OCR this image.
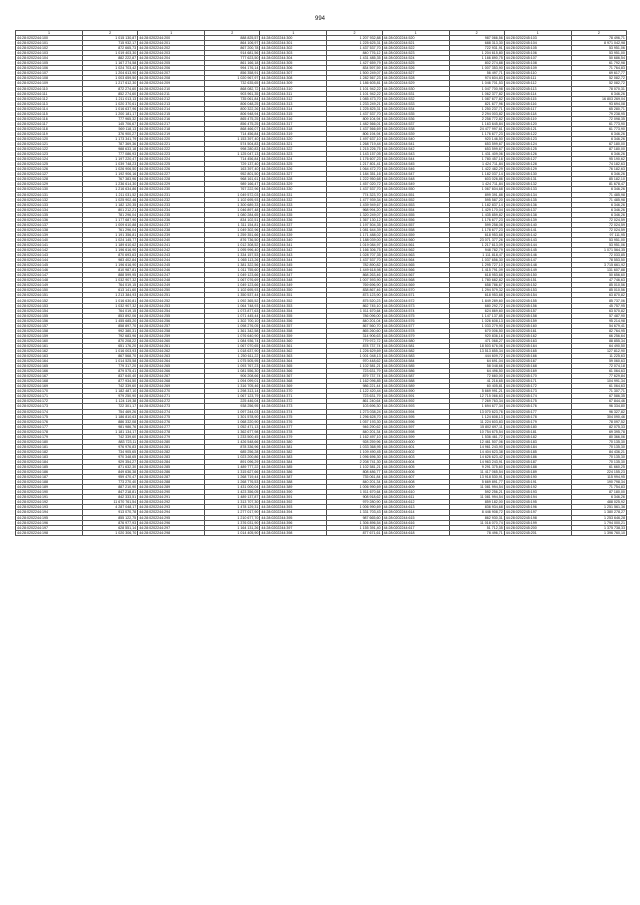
994
1	2	1	2	1	2	1	2	1	2
44:28:0202244:100	1 015 130,87	44:28:0202244:200	888 825,57	44:28:0202244:300	1 207 932,88	44:28:0202244:520	987 066,56	44:28:0202245:103	78 496,71
44:28:0202244:101	715 932,17	44:28:0202244:201	864 106,97	44:28:0202244:301	1 225 625,31	44:28:0202244:521	688 313,30	44:28:0202245:104	8 971 042,98
44:28:0202244:102	872 665,73	44:28:0202244:202	867 200,78	44:28:0202244:302	1 437 537,70	44:28:0202244:522	722 931,91	44:28:0202245:105	53 951,06
44:28:0202244:103	1 019 403,30	44:28:0202244:203	914 681,56	44:28:0202244:303	840 776,12	44:28:0202244:523	1 204 615,80	44:28:0202245:106	53 951,00
44:28:0202244:104	882 222,87	44:28:0202244:204	777 623,50	44:28:0202244:304	1 431 485,35	44:28:0202244:524	1 166 890,75	44:28:0202245:107	50 686,54
44:28:0202244:105	1 167 274,58	44:28:0202244:205	861 166,18	44:28:0202244:305	1 427 659,79	44:28:0202244:525	802 274,88	44:28:0202245:108	61 792,98
44:28:0202244:106	1 024 703,42	44:28:0202244:206	994 176,14	44:28:0202244:306	834 597,59	44:28:0202244:526	1 007 353,90	44:28:0202245:109	71 764,83
44:28:0202244:107	1 204 613,90	44:28:0202244:207	856 358,91	44:28:0202244:307	1 500 249,07	44:28:0202244:527	56 497,71	44:28:0202245:110	69 617,77
44:28:0202244:108	1 003 659,50	44:28:0202244:208	1 020 967,97	44:28:0202244:308	1 282 567,23	44:28:0202244:528	974 604,83	44:28:0202245:111	52 082,72
44:28:0202244:109	1 217 612,30	44:28:0202244:209	732 635,65	44:28:0202244:309	1 186 605,81	44:28:0202244:529	1 046 701,53	44:28:0202245:112	52 082,72
44:28:0202244:110	872 274,60	44:28:0202244:210	868 082,72	44:28:0202244:310	1 101 942,22	44:28:0202244:530	1 047 700,98	44:28:0202245:113	78 070,31
44:28:0202244:111	852 274,60	44:28:0202244:211	903 961,35	44:28:0202244:311	1 101 942,22	44:28:0202244:531	1 062 377,82	44:28:0202245:114	6 346,26
44:28:0202244:112	1 211 013,13	44:28:0202244:212	735 061,84	44:28:0202244:312	1 085 473,70	44:28:0202244:532	1 087 677,82	44:28:0202245:115	16 803 269,04
44:28:0202244:113	1 020 370,61	44:28:0202244:213	806 048,25	44:28:0202244:313	1 233 249,21	44:28:0202244:533	821 677,96	44:28:0202245:116	93 694,08
44:28:0202244:114	1 016 637,96	44:28:0202244:214	800 322,26	44:28:0202244:314	1 225 825,31	44:28:0202244:534	1 250 237,71	44:28:0202245:117	65 280,71
44:28:0202244:115	1 200 181,17	44:28:0202244:215	806 948,94	44:28:0202244:315	1 437 537,70	44:28:0202244:535	2 294 003,82	44:28:0202245:118	79 238,95
44:28:0202244:116	777 965,32	44:28:0202244:216	865 475,25	44:28:0202244:316	809 104,94	44:28:0202244:536	2 258 772,82	44:28:0202245:119	72 098,35
44:28:0202244:117	145 706,67	44:28:0202244:217	856 475,25	44:28:0202244:317	1 482 566,01	44:28:0202244:537	1 163 645,84	44:28:0202245:120	61 773,90
44:28:0202244:118	569 118,13	44:28:0202244:218	868 466,07	44:28:0202244:318	1 437 566,69	44:28:0202244:538	24 477 997,61	44:28:0202245:121	61 773,90
44:28:0202244:119	376 900,27	44:28:0202244:219	714 456,84	44:28:0202244:319	806 194,94	44:28:0202244:539	1 176 677,23	44:28:0202245:122	6 346,26
44:28:0202244:120	1 173 341,79	44:28:0202244:220	1 153 397,40	44:28:0202244:320	1 497 637,10	44:28:0202244:540	920 146,50	44:28:0202245:123	6 346,26
44:28:0202244:121	787 369,36	44:28:0202244:221	574 504,83	44:28:0202244:321	1 268 719,44	44:28:0202244:541	653 599,67	44:28:0202245:124	67 180,00
44:28:0202244:122	988 633,18	44:28:0202244:222	998 280,83	44:28:0202244:322	1 215 226,75	44:28:0202244:542	653 599,67	44:28:0202245:125	87 180,00
44:28:0202244:123	777 086,93	44:28:0202244:223	1 125 047,13	44:28:0202244:323	1 143 157,05	44:28:0202244:543	1 431 409,06	44:28:0202245:126	6 346,26
44:28:0202244:124	1 197 220,47	44:28:0202244:224	714 456,84	44:28:0202244:324	1 176 607,23	44:28:0202244:544	1 780 457,16	44:28:0202245:127	95 190,62
44:28:0202244:125	1 039 748,23	44:28:0202244:225	729 137,40	44:28:0202244:325	1 217 801,41	44:28:0202244:545	1 424 711,84	44:28:0202245:128	74 182,63
44:28:0202244:126	1 026 906,50	44:28:0202244:226	163 397,40	44:28:0202244:326	1 064 472,70	44:28:0202244:546	1 422 482,29	44:28:0202245:129	76 182,63
44:28:0202244:127	1 192 906,16	44:28:0202244:227	952 801,50	44:28:0202244:327	1 184 351,16	44:28:0202244:547	1 182 037,14	44:28:0202245:130	6 346,26
44:28:0202244:128	767 383,96	44:28:0202244:228	968 161,61	44:28:0202244:328	1 222 950,68	44:28:0202244:548	603 026,86	44:28:0202245:131	85 182,10
44:28:0202244:129	1 236 614,30	44:28:0202244:229	989 166,47	44:28:0202244:329	1 457 020,72	44:28:0202244:549	1 424 711,84	44:28:0202245:132	81 678,47
44:28:0202244:130	1 216 634,86	44:28:0202244:230	767 222,96	44:28:0202244:330	1 437 537,70	44:28:0202244:550	1 067 604,68	44:28:0202245:133	6 346,26
44:28:0202244:131	1 211 031,52	44:28:0202244:231	1 049 572,03	44:28:0202244:331	774 323,70	44:28:0202244:551	899 391,88	44:28:0202245:134	71 485,98
44:28:0202244:132	1 025 902,46	44:28:0202244:232	1 102 695,93	44:28:0202244:332	1 477 939,34	44:28:0202244:552	595 587,20	44:28:0202245:135	71 485,98
44:28:0202244:133	1 182 120,35	44:28:0202244:233	1 300 689,33	44:28:0202244:333	1 439 949,67	44:28:0202244:553	1 182 837,14	44:28:0202245:136	6 346,26
44:28:0202244:134	801 212,21	44:28:0202244:234	1 046 897,48	44:28:0202244:334	968 994,20	44:28:0202244:554	1 429 170,04	44:28:0202245:137	6 346,26
44:28:0202244:135	781 296,04	44:28:0202244:235	1 080 284,65	44:28:0202244:335	1 320 249,07	44:28:0202244:555	1 435 859,82	44:28:0202245:138	6 346,26
44:28:0202244:136	1 177 687,90	44:28:0202244:236	834 102,51	44:28:0202244:336	1 367 130,12	44:28:0202244:556	1 176 677,23	44:28:0202245:139	72 024,59
44:28:0202244:137	1 009 610,88	44:28:0202244:237	1 311 154,81	44:28:0202244:337	1 197 504,35	44:28:0202244:557	599 258,08	44:28:0202245:140	72 024,59
44:28:0202244:138	761 296,04	44:28:0202244:238	1 049 302,96	44:28:0202244:338	1 081 644,39	44:28:0202244:558	1 178 677,23	44:28:0202245:141	72 024,59
44:28:0202244:139	1 191 356,81	44:28:0202244:239	1 259 351,66	44:28:0202244:339	1 171 488,02	44:28:0202244:559	618 953,68	44:28:0202245:142	97 111,95
44:28:0202244:140	1 024 145,77	44:28:0202244:240	876 736,50	44:28:0202244:340	1 188 039,00	44:28:0202244:560	23 071 377,26	44:28:0202245:143	53 951,00
44:28:0202244:141	1 189 610,62	44:28:0202244:241	1 012 308,52	44:28:0202244:341	1 019 084,97	44:28:0202244:561	1 217 613,09	44:28:0202245:144	53 951,06
44:28:0202244:142	1 196 616,90	44:28:0202244:242	1 095 996,40	44:28:0202244:342	1 166 306,75	44:28:0202244:562	948 782,79	44:28:0202245:145	1 071 564,35
44:28:0202244:143	870 693,63	44:28:0202244:243	1 334 157,53	44:28:0202244:343	1 028 707,35	44:28:0202244:563	1 111 818,47	44:28:0202245:146	72 033,85
44:28:0202244:144	983 402,84	44:28:0202244:244	1 065 113,26	44:28:0202244:344	1 437 537,70	44:28:0202244:564	1 037 656,30	44:28:0202245:147	78 553,50
44:28:0202244:145	1 196 616,90	44:28:0202244:245	1 381 322,56	44:28:0202244:345	782 890,82	44:28:0202244:565	1 295 727,10	44:28:0202245:148	3 715 661,92
44:28:0202244:146	810 987,81	44:28:0202244:246	1 011 755,60	44:28:0202244:346	1 449 618,98	44:28:0202244:566	1 415 791,09	44:28:0202245:149	131 607,88
44:28:0202244:147	888 599,95	44:28:0202244:247	1 049 123,66	44:28:0202244:347	868 263,46	44:28:0202244:567	618 953,68	44:28:0202245:150	50 656,60
44:28:0202244:148	1 032 907,32	44:28:0202244:248	1 067 076,69	44:28:0202244:348	1 007 593,90	44:28:0202244:568	1 780 682,82	44:28:0202245:151	47 746,63
44:28:0202244:149	764 019,15	44:28:0202244:249	1 049 123,66	44:28:0202244:349	769 696,90	44:28:0202244:569	658 786,67	44:28:0202245:152	85 010,56
44:28:0202244:150	613 141,60	44:28:0202244:250	1 102 695,93	44:28:0202244:350	838 867,46	44:28:0202244:570	1 294 579,32	44:28:0202245:153	85 010,56
44:28:0202244:151	1 213 384,93	44:28:0202244:251	1 350 537,44	44:28:0202244:351	873 123,90	44:28:0202244:571	618 953,68	44:28:0202245:154	63 870,82
44:28:0202244:152	1 016 630,81	44:28:0202244:252	1 092 365,52	44:28:0202244:352	875 520,23	44:28:0202244:572	1 849 289,60	44:28:0202245:155	85 737,06
44:28:0202244:153	1 032 907,32	44:28:0202244:253	1 064 748,93	44:28:0202244:353	862 745,10	44:28:0202244:573	680 292,72	44:28:0202245:156	45 757,95
44:28:0202244:154	764 019,15	44:28:0202244:254	1 073 877,63	44:28:0202244:354	1 011 670,64	44:28:0202244:574	624 869,60	44:28:0202245:157	63 570,82
44:28:0202244:155	853 892,06	44:28:0202244:255	1 071 445,44	44:28:0202244:355	786 096,00	44:28:0202244:575	1 147 137,85	44:28:0202245:158	57 487,90
44:28:0202244:156	1 455 685,20	44:28:0202244:256	1 302 700,10	44:28:0202244:356	840 201,04	44:28:0202244:576	1 026 608,13	44:28:0202245:159	95 214,98
44:28:0202244:157	858 897,70	44:28:0202244:257	1 098 276,05	44:28:0202244:357	867 560,70	44:28:0202244:577	1 033 279,90	44:28:0202245:160	54 679,41
44:28:0202244:158	992 380,31	44:28:0202244:258	1 361 342,58	44:28:0202244:358	865 260,60	44:28:0202244:578	670 006,50	44:28:0202245:161	82 764,95
44:28:0202244:159	792 683,96	44:28:0202244:259	1 076 640,90	44:28:0202244:359	314 906,63	44:28:0202244:579	920 836,16	44:28:0202245:162	66 256,64
44:28:0202244:160	870 208,22	44:28:0202244:260	1 084 936,74	44:28:0202244:360	779 972,72	44:28:0202244:580	471 068,27	44:28:0202245:163	88 855,34
44:28:0202244:161	651 176,20	44:28:0202244:261	1 067 070,65	44:28:0202244:361	878 737,74	44:28:0202244:581	18 503 676,06	44:28:0202245:164	64 490,50
44:28:0202244:162	1 016 003,93	44:28:0202244:262	1 018 637,90	44:28:0202244:362	1 226 629,69	44:28:0202244:582	13 513 855,34	44:28:0202245:165	127 812,90
44:28:0202244:163	867 568,70	44:28:0202244:263	1 250 611,22	44:28:0202244:363	1 001 048,13	44:28:0202244:583	444 609,72	44:28:0202245:166	11 225,63
44:28:0202244:164	1 014 525,58	44:28:0202244:264	1 075 505,95	44:28:0202244:364	970 448,62	44:28:0202244:584	64 691,04	44:28:0202245:167	59 060,63
44:28:0202244:165	779 317,20	44:28:0202244:265	1 093 767,23	44:28:0202244:365	1 102 581,21	44:28:0202244:585	58 048,66	44:28:0202245:168	72 074,18
44:28:0202244:166	879 575,41	44:28:0202244:266	1 081 556,30	44:28:0202244:366	723 631,79	44:28:0202244:586	64 496,50	44:28:0202245:169	61 064,63
44:28:0202244:167	837 640,40	44:28:0202244:267	906 208,66	44:28:0202244:367	879 737,74	44:28:0202244:587	72 660,00	44:28:0202245:170	77 629,84
44:28:0202244:168	877 934,50	44:28:0202244:268	1 094 099,01	44:28:0202244:368	1 162 096,85	44:28:0202244:588	41 216,65	44:28:0202245:171	104 991,34
44:28:0202244:169	742 339,60	44:28:0202244:269	1 316 705,46	44:28:0202244:369	986 221,44	44:28:0202244:589	60 405,81	44:28:0202245:172	61 064,63
44:28:0202244:170	1 182 487,10	44:28:0202244:270	1 298 313,14	44:28:0202244:370	1 122 420,44	44:28:0202244:590	5 669 991,21	44:28:0202245:173	71 307,71
44:28:0202244:171	979 250,90	44:28:0202244:271	1 067 123,79	44:28:0202244:371	723 631,79	44:28:0202244:591	12 715 066,63	44:28:0202245:174	67 586,35
44:28:0202244:172	1 124 119,38	44:28:0202244:272	225 446,04	44:28:0202244:372	861 240,64	44:28:0202244:592	7 269 763,34	44:28:0202245:175	67 844,46
44:28:0202244:173	722 301,17	44:28:0202244:273	938 256,95	44:28:0202244:373	103 696,30	44:28:0202244:593	1 694 677,34	44:28:0202245:176	96 334,80
44:28:0202244:174	754 469,26	44:28:0202244:274	1 097 244,03	44:28:0202244:374	1 273 038,24	44:28:0202244:594	13 070 623,76	44:28:0202245:177	96 327,82
44:28:0202244:175	1 186 810,63	44:28:0202244:275	1 301 578,90	44:28:0202244:375	1 296 628,70	44:28:0202244:595	1 124 608,13	44:28:0202245:178	304 090,46
44:28:0202244:176	886 332,08	44:28:0202244:276	1 068 220,90	44:28:0202244:376	1 057 193,30	44:28:0202244:596	11 224 603,83	44:28:0202245:179	78 097,52
44:28:0202244:177	981 986,76	44:28:0202244:277	1 052 471,13	44:28:0202244:377	946 290,62	44:28:0202244:597	15 802 697,11	44:28:0202245:180	82 075,33
44:28:0202244:178	1 181 134,17	44:28:0202244:278	1 362 677,98	44:28:0202244:378	840 201,34	44:28:0202244:598	10 754 675,54	44:28:0202245:181	69 395,78
44:28:0202244:179	742 339,60	44:28:0202244:279	1 233 500,45	44:28:0202244:379	1 162 497,10	44:28:0202244:599	1 536 461,72	44:28:0202245:182	80 366,06
44:28:0202244:180	883 723,11	44:28:0202244:280	1 426 548,66	44:28:0202244:380	928 259,96	44:28:0202244:600	12 461 507,06	44:28:0202245:183	70 135,30
44:28:0202244:181	976 976,83	44:28:0202244:281	878 336,96	44:28:0202244:381	1 033 368,95	44:28:0202244:601	14 961 243,90	44:28:0202245:184	70 135,30
44:28:0202244:182	734 905,65	44:28:0202244:282	685 256,28	44:28:0202244:382	1 109 490,45	44:28:0202244:602	14 404 623,38	44:28:0202245:185	84 436,21
44:28:0202244:183	970 348,65	44:28:0202244:283	1 023 200,86	44:28:0202244:383	1 096 696,30	44:28:0202244:603	14 626 623,42	44:28:0202245:186	70 135,30
44:28:0202244:184	929 354,27	44:28:0202244:284	891 096,29	44:28:0202244:384	2 208 741,30	44:28:0202244:604	14 963 243,91	44:28:0202245:187	70 135,30
44:28:0202244:185	871 632,30	44:28:0202244:285	1 489 777,22	44:28:0202244:385	1 102 581,21	44:28:0202244:605	9 291 375,60	44:28:0202245:188	61 660,25
44:28:0202244:186	849 636,38	44:28:0202244:286	1 315 627,66	44:28:0202244:386	808 486,77	44:28:0202244:606	11 417 065,54	44:28:0202245:189	224 155,23
44:28:0202244:187	959 470,47	44:28:0202244:287	1 268 719,44	44:28:0202244:387	735 061,84	44:28:0202244:607	13 918 530,91	44:28:0202245:190	115 994,95
44:28:0202244:188	773 270,40	44:28:0202244:288	1 268 776,53	44:28:0202244:388	840 201,34	44:28:0202244:608	5 669 891,77	44:28:0202245:191	190 798,34
44:28:0202244:189	887 210,90	44:28:0202244:289	1 431 000,04	44:28:0202244:389	1 006 990,69	44:28:0202244:609	11 081 994,54	44:28:0202245:192	71 754,83
44:28:0202244:190	847 218,81	44:28:0202244:290	1 423 356,05	44:28:0202244:390	1 011 670,64	44:28:0202244:610	592 256,21	44:28:0202245:193	87 180,00
44:28:0202244:191	842 333,51	44:28:0202244:291	1 489 137,87	44:28:0202244:391	908 918,62	44:28:0202244:611	11 081 994,54	44:28:0202245:194	6 346,26
44:28:0202244:192	11 670 761,54	44:28:0202244:292	1 313 707,30	44:28:0202244:392	979 280,90	44:28:0202244:612	859 182,00	44:28:0202245:195	488 025,92
44:28:0202244:193	4 287 048,17	44:28:0202244:293	1 478 129,31	44:28:0202244:393	1 006 990,69	44:28:0202244:613	836 934,68	44:28:0202245:196	1 251 561,36
44:28:0202244:194	913 070,78	44:28:0202244:294	1 277 017,90	44:28:0202244:394	1 331 703,43	44:28:0202244:614	8 446 908,72	44:28:0202245:197	1 380 278,27
44:28:0202244:195	855 122,75	44:28:0202244:295	1 210 677,70	44:28:0202244:395	987 665,60	44:28:0202244:615	862 930,31	44:28:0202245:198	1 253 646,28
44:28:0202244:196	876 977,93	44:28:0202244:296	1 376 031,90	44:28:0202244:396	1 306 896,54	44:28:0202244:616	11 016 070,74	44:28:0202245:199	1 794 000,21
44:28:0202244:197	628 551,14	44:28:0202244:297	1 164 131,26	44:28:0202244:397	1 155 391,40	44:28:0202244:617	51 712,35	44:28:0202245:200	1 375 738,33
44:28:0202244:198	1 020 306,70	44:28:0202244:298	1 014 405,90	44:28:0202244:398	877 671,61	44:28:0202244:618	78 496,71	44:28:0202245:201	1 396 760,10
